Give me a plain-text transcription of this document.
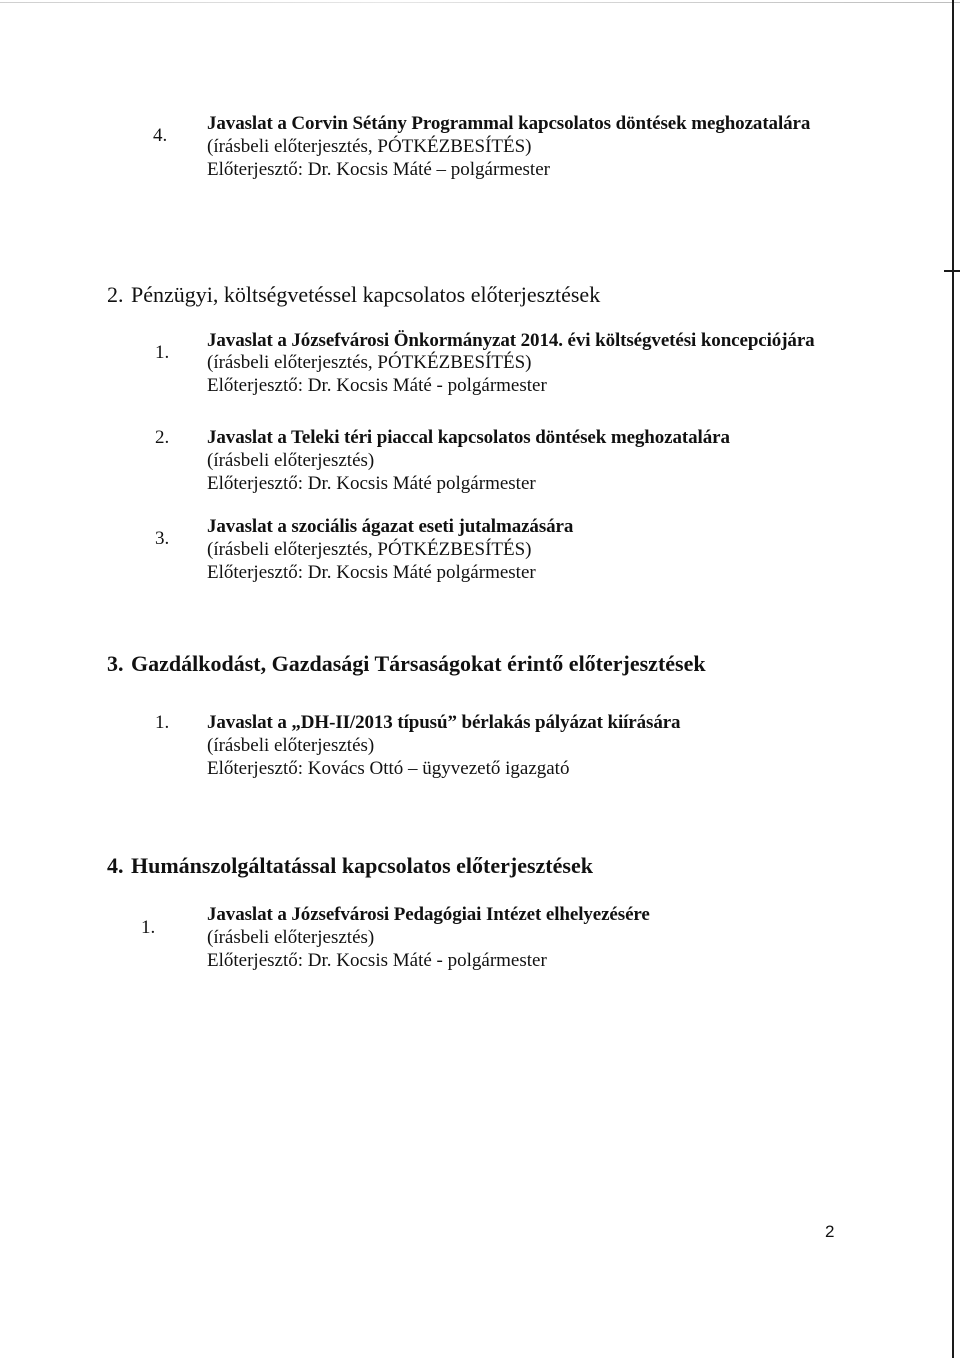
4.
Javaslat a Corvin Sétány Programmal kapcsolatos döntések meghozatalára
(írásbeli előterjesztés, PÓTKÉZBESÍTÉS)
Előterjesztő: Dr. Kocsis Máté – polgármester
2. Pénzügyi, költségvetéssel kapcsolatos előterjesztések
1.
Javaslat a Józsefvárosi Önkormányzat 2014. évi költségvetési koncepciójára
(írásbeli előterjesztés, PÓTKÉZBESÍTÉS)
Előterjesztő: Dr. Kocsis Máté - polgármester
2. Javaslat a Teleki téri piaccal kapcsolatos döntések meghozatalára
(írásbeli előterjesztés)
Előterjesztő: Dr. Kocsis Máté polgármester
3.
Javaslat a szociális ágazat eseti jutalmazására
(írásbeli előterjesztés, PÓTKÉZBESÍTÉS)
Előterjesztő: Dr. Kocsis Máté polgármester
3. Gazdálkodást, Gazdasági Társaságokat érintő előterjesztések
1. Javaslat a „DH-II/2013 típusú” bérlakás pályázat kiírására
(írásbeli előterjesztés)
Előterjesztő: Kovács Ottó – ügyvezető igazgató
4. Humánszolgáltatással kapcsolatos előterjesztések
1.
Javaslat a Józsefvárosi Pedagógiai Intézet elhelyezésére
(írásbeli előterjesztés)
Előterjesztő: Dr. Kocsis Máté - polgármester
2
